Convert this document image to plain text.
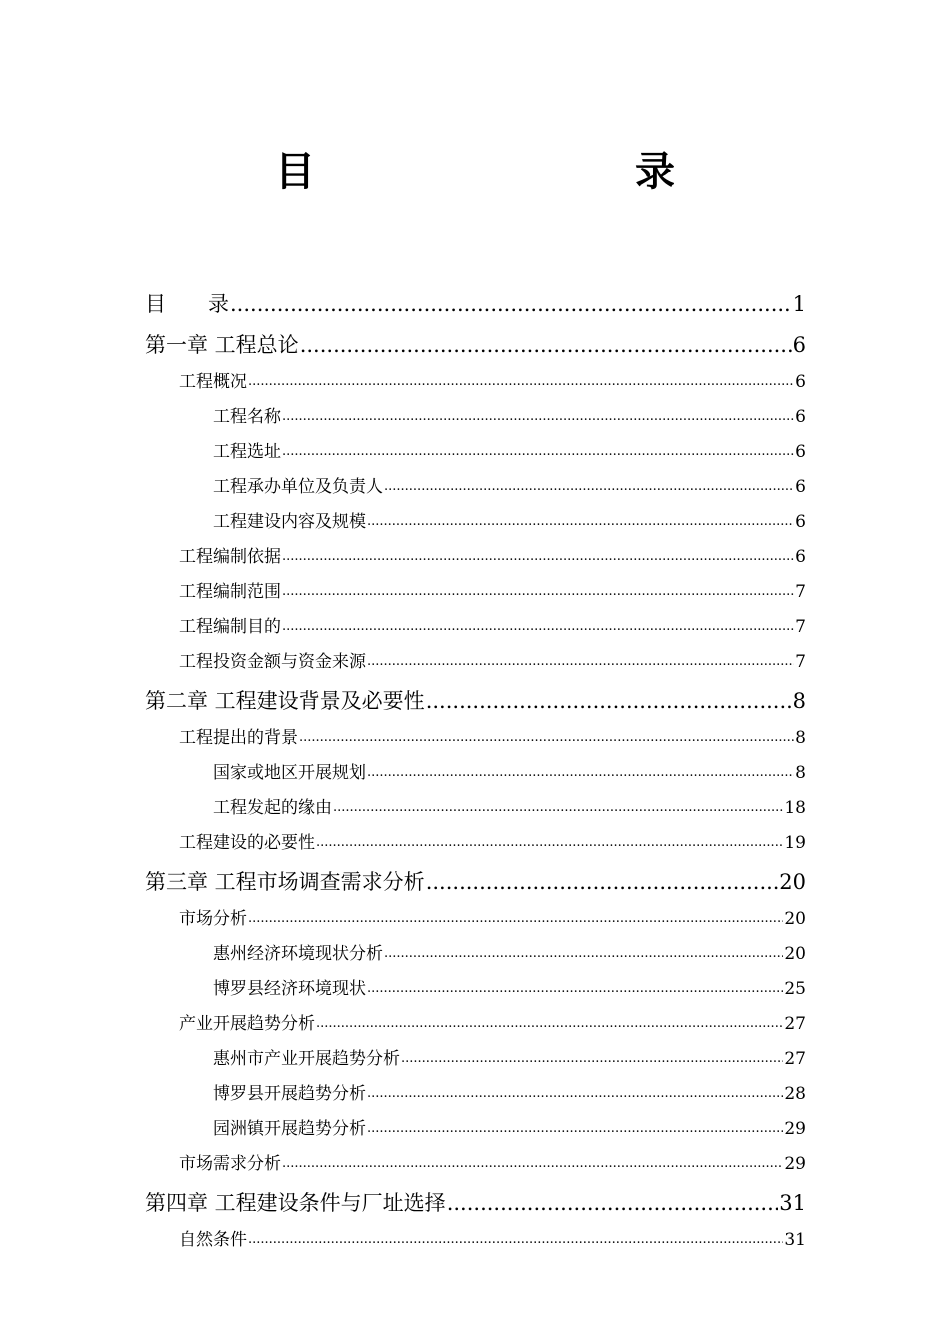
目　　录
目　　录 .....	1
第一章 工程总论 .....	6
工程概况 .....	6
工程名称 .....	6
工程选址 .....	6
工程承办单位及负责人 .....	6
工程建设内容及规模 .....	6
工程编制依据 .....	6
工程编制范围 .....	7
工程编制目的 .....	7
工程投资金额与资金来源 .....	7
第二章 工程建设背景及必要性 .....	8
工程提出的背景 .....	8
国家或地区开展规划 .....	8
工程发起的缘由 .....	18
工程建设的必要性 .....	19
第三章 工程市场调查需求分析 .....	20
市场分析 .....	20
惠州经济环境现状分析 .....	20
博罗县经济环境现状 .....	25
产业开展趋势分析 .....	27
惠州市产业开展趋势分析 .....	27
博罗县开展趋势分析 .....	28
园洲镇开展趋势分析 .....	29
市场需求分析 .....	29
第四章 工程建设条件与厂址选择 .....	31
自然条件 .....	31
